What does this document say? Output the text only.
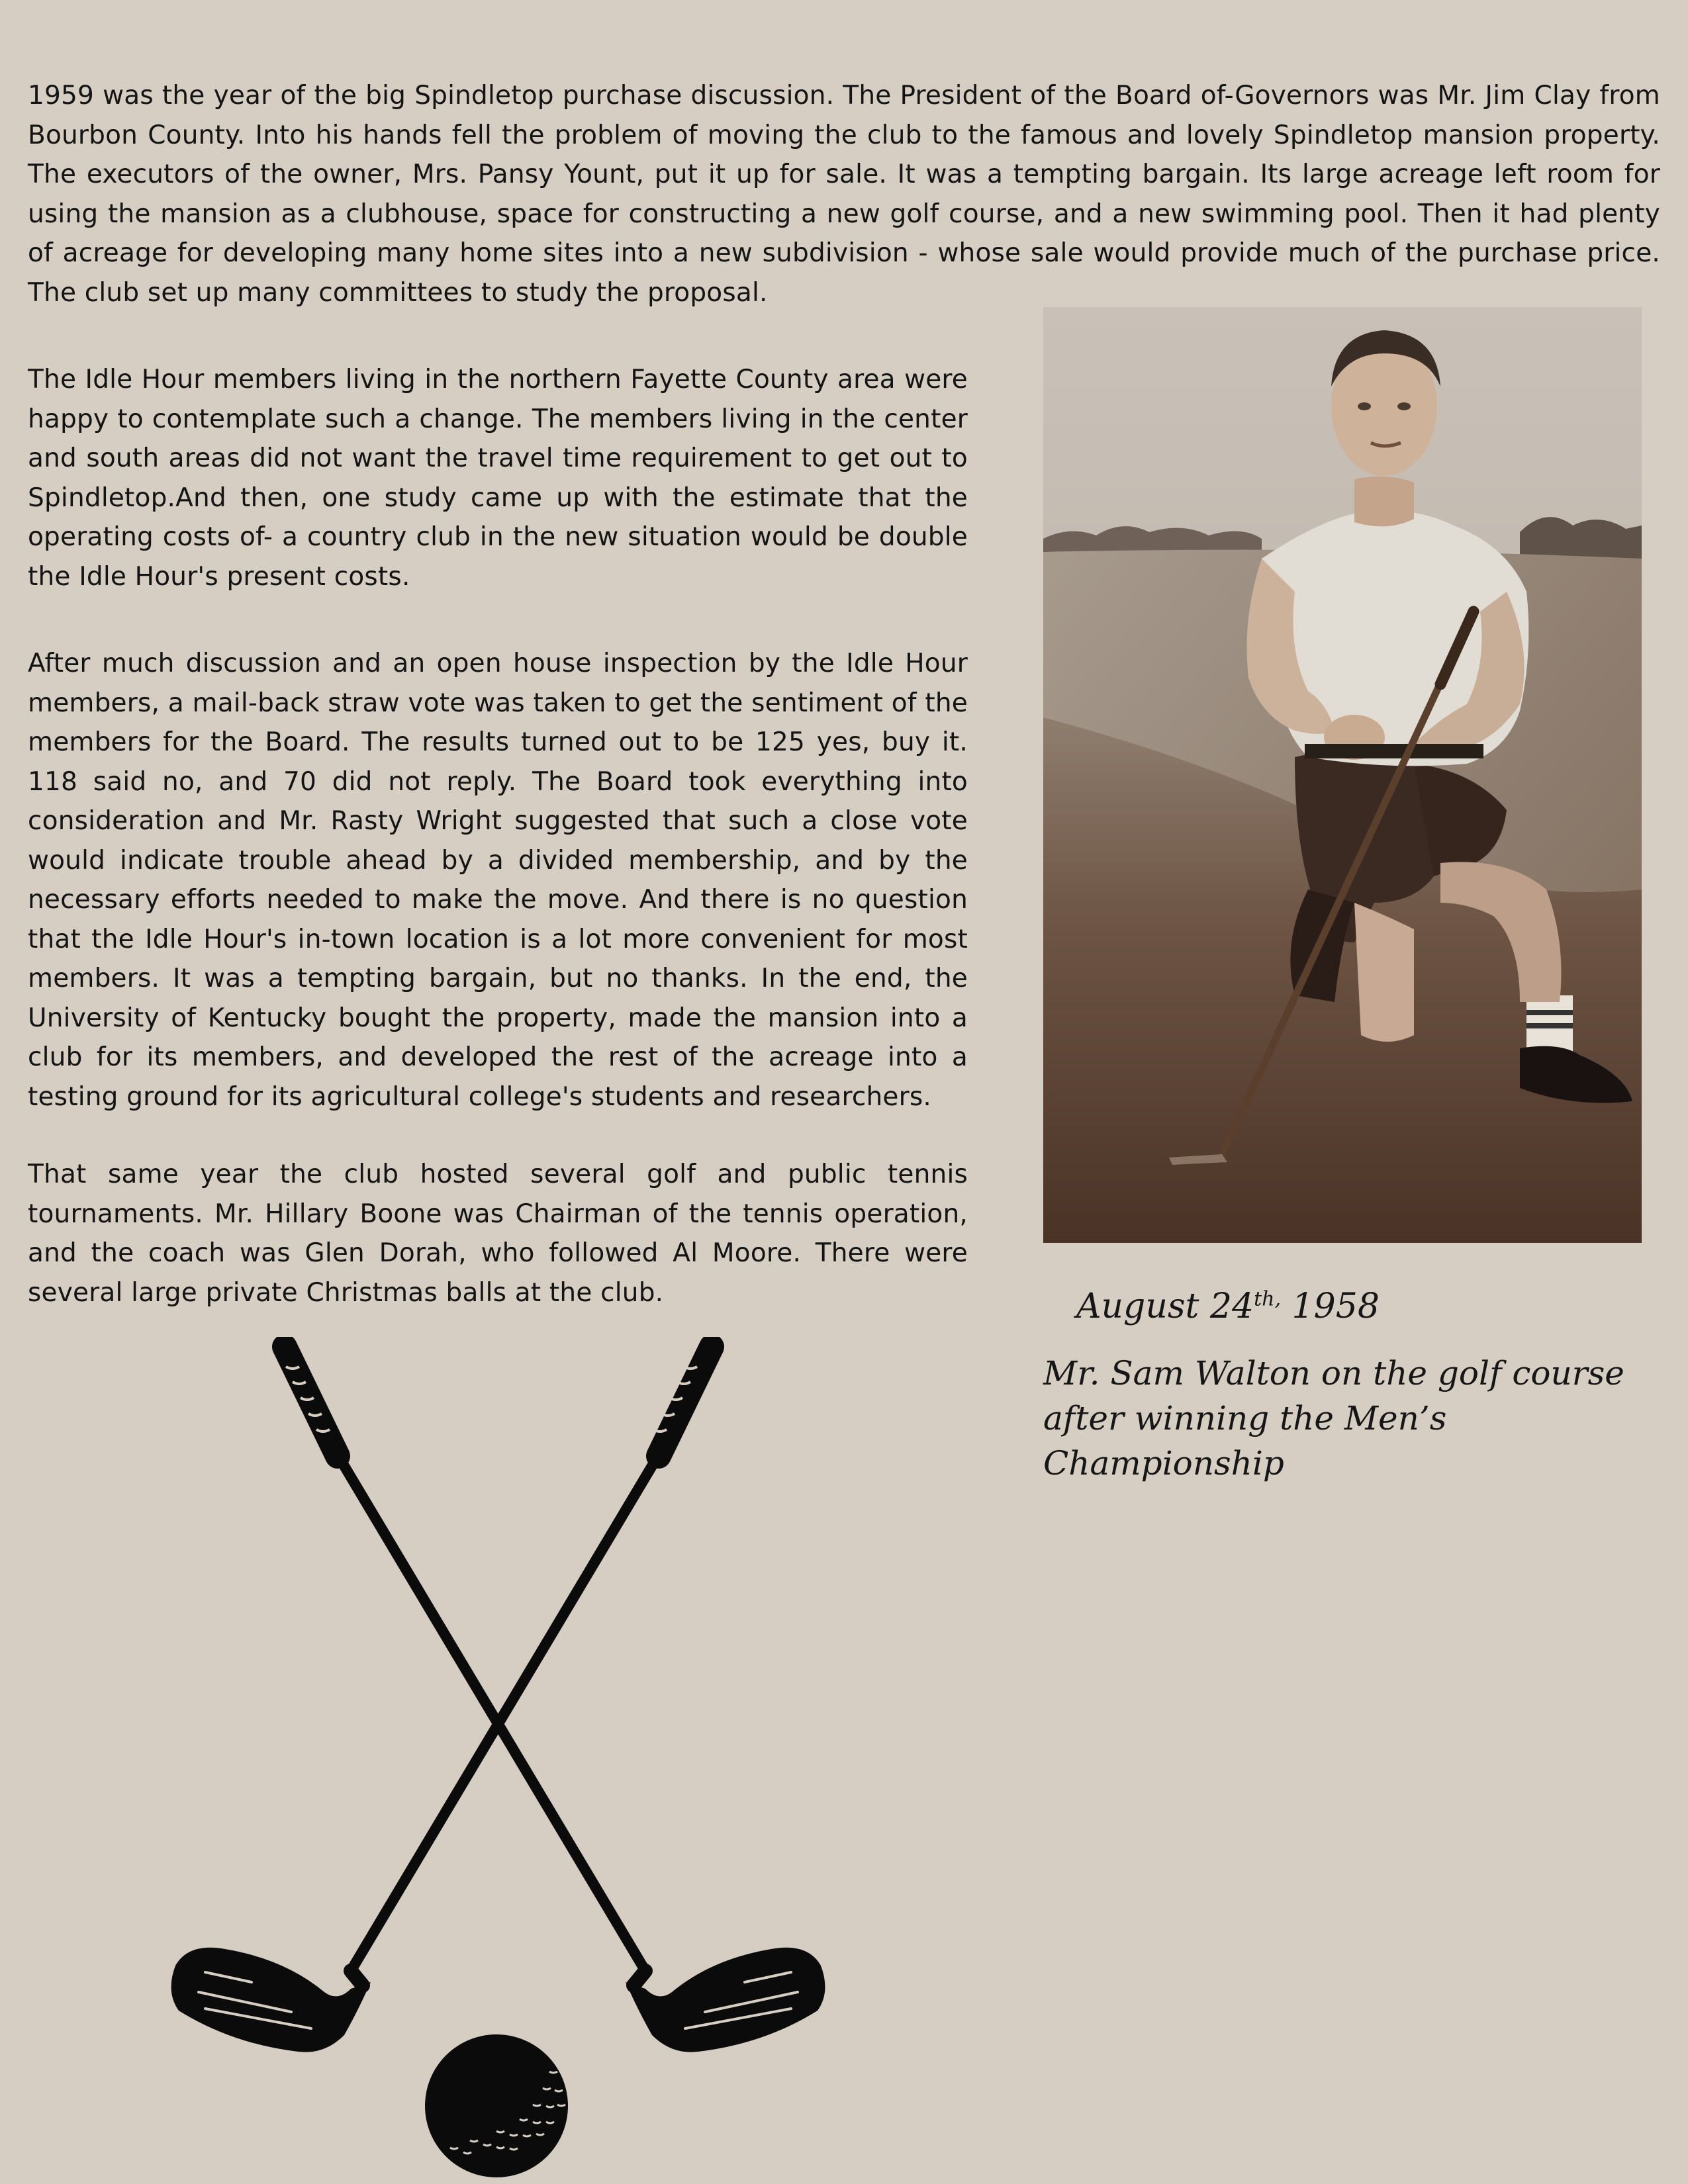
1959 was the year of the big Spindletop purchase discussion. The President of the Board of-Governors was Mr. Jim Clay from Bourbon County. Into his hands fell the problem of moving the club to the famous and lovely Spindletop mansion property. The executors of the owner, Mrs. Pansy Yount, put it up for sale. It was a tempting bargain. Its large acreage left room for using the mansion as a clubhouse, space for constructing a new golf course, and a new swimming pool. Then it had plenty of acreage for developing many home sites into a new subdivision - whose sale would provide much of the purchase price. The club set up many committees to study the proposal.

The Idle Hour members living in the northern Fayette County area were happy to contemplate such a change. The members living in the center and south areas did not want the travel time requirement to get out to Spindletop.And then, one study came up with the estimate that the operating costs of- a country club in the new situation would be double the Idle Hour's present costs.

After much discussion and an open house inspection by the Idle Hour members, a mail-back straw vote was taken to get the sentiment of the members for the Board. The results turned out to be 125 yes, buy it. 118 said no, and 70 did not reply. The Board took everything into consideration and Mr. Rasty Wright suggested that such a close vote would indicate trouble ahead by a divided membership, and by the necessary efforts needed to make the move. And there is no question that the Idle Hour's in-town location is a lot more convenient for most members. It was a tempting bargain, but no thanks. In the end, the University of Kentucky bought the property, made the mansion into a club for its members, and developed the rest of the acreage into a testing ground for its agricultural college's students and researchers.

That same year the club hosted several golf and public tennis tournaments. Mr. Hillary Boone was Chairman of the tennis operation, and the coach was Glen Dorah, who followed Al Moore. There were several large private Christmas balls at the club.	August $24^{th,}$ 1958
Mr. Sam Walton on the golf course after winning the Men’s Championship
